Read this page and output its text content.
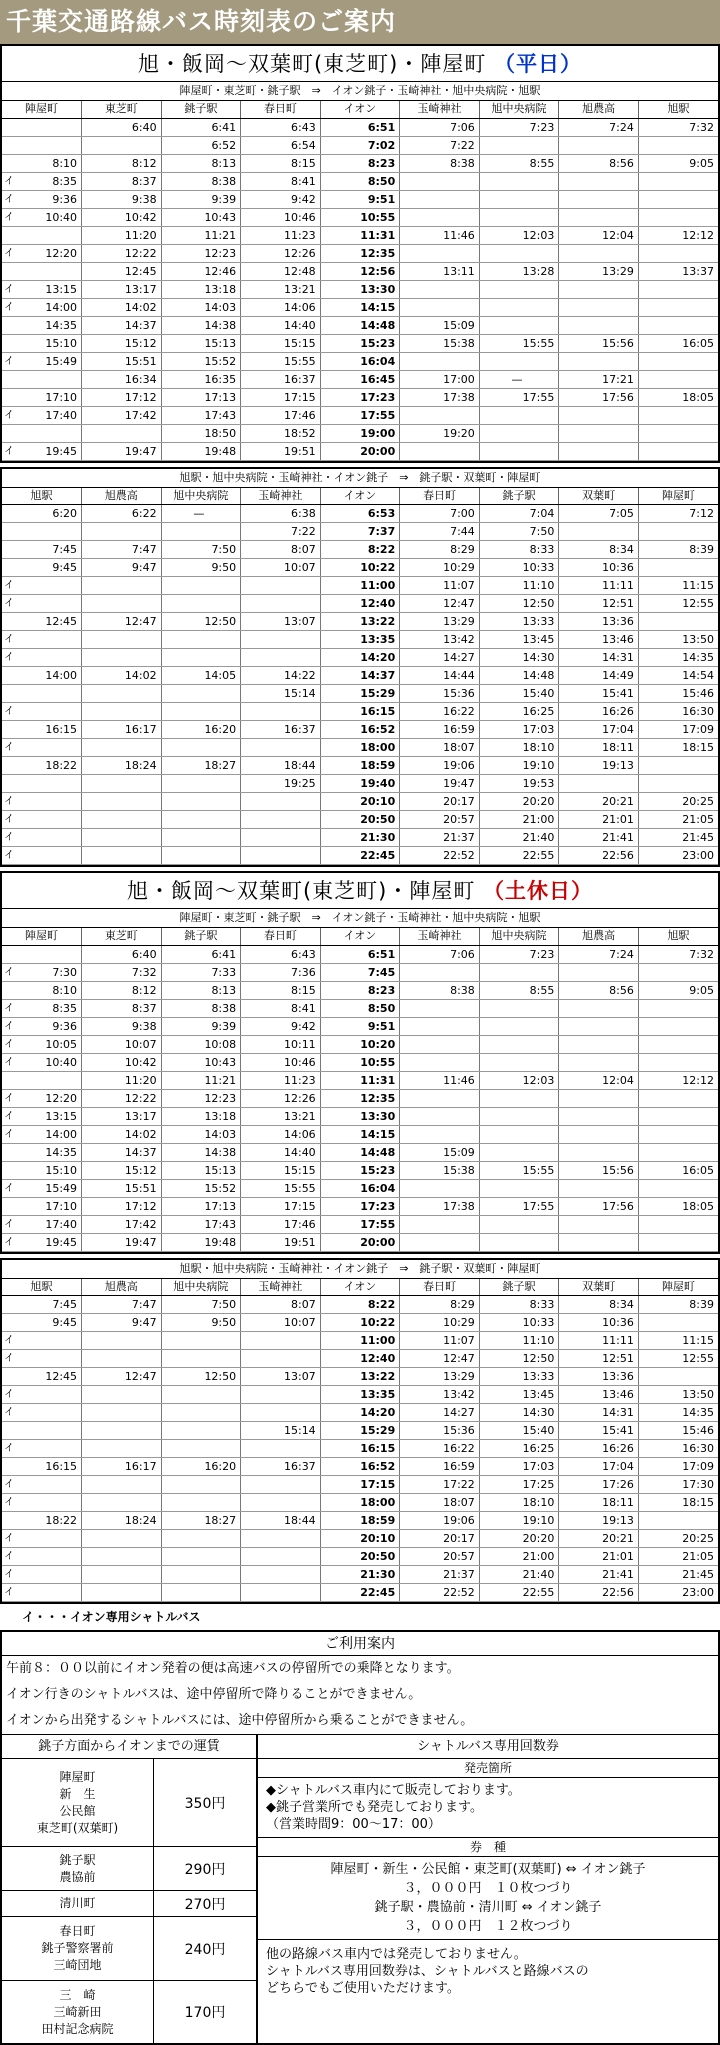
千葉交通路線バス時刻表のご案内
旭・飯岡〜双葉町(東芝町)・陣屋町 （平日）
陣屋町・東芝町・銚子駅　⇒　イオン銚子・玉崎神社・旭中央病院・旭駅
陣屋町	東芝町	銚子駅	春日町	イオン	玉崎神社	旭中央病院	旭農高	旭駅
	6:40	6:41	6:43	6:51	7:06	7:23	7:24	7:32
		6:52	6:54	7:02	7:22			
8:10	8:12	8:13	8:15	8:23	8:38	8:55	8:56	9:05

イ 8:35	8:37	8:38	8:41	8:50				

イ 9:36	9:38	9:39	9:42	9:51				

イ 10:40	10:42	10:43	10:46	10:55				
	11:20	11:21	11:23	11:31	11:46	12:03	12:04	12:12

イ 12:20	12:22	12:23	12:26	12:35				
	12:45	12:46	12:48	12:56	13:11	13:28	13:29	13:37

イ 13:15	13:17	13:18	13:21	13:30				

イ 14:00	14:02	14:03	14:06	14:15				
14:35	14:37	14:38	14:40	14:48	15:09			
15:10	15:12	15:13	15:15	15:23	15:38	15:55	15:56	16:05

イ 15:49	15:51	15:52	15:55	16:04				
	16:34	16:35	16:37	16:45	17:00	—	17:21	
17:10	17:12	17:13	17:15	17:23	17:38	17:55	17:56	18:05

イ 17:40	17:42	17:43	17:46	17:55				
		18:50	18:52	19:00	19:20			

イ 19:45	19:47	19:48	19:51	20:00				
旭駅・旭中央病院・玉崎神社・イオン銚子　⇒　銚子駅・双葉町・陣屋町
旭駅	旭農高	旭中央病院	玉崎神社	イオン	春日町	銚子駅	双葉町	陣屋町
6:20	6:22	—	6:38	6:53	7:00	7:04	7:05	7:12
			7:22	7:37	7:44	7:50		
7:45	7:47	7:50	8:07	8:22	8:29	8:33	8:34	8:39
9:45	9:47	9:50	10:07	10:22	10:29	10:33	10:36	

イ				11:00	11:07	11:10	11:11	11:15

イ				12:40	12:47	12:50	12:51	12:55
12:45	12:47	12:50	13:07	13:22	13:29	13:33	13:36	

イ				13:35	13:42	13:45	13:46	13:50

イ				14:20	14:27	14:30	14:31	14:35
14:00	14:02	14:05	14:22	14:37	14:44	14:48	14:49	14:54
			15:14	15:29	15:36	15:40	15:41	15:46

イ				16:15	16:22	16:25	16:26	16:30
16:15	16:17	16:20	16:37	16:52	16:59	17:03	17:04	17:09

イ				18:00	18:07	18:10	18:11	18:15
18:22	18:24	18:27	18:44	18:59	19:06	19:10	19:13	
			19:25	19:40	19:47	19:53		

イ				20:10	20:17	20:20	20:21	20:25

イ				20:50	20:57	21:00	21:01	21:05

イ				21:30	21:37	21:40	21:41	21:45

イ				22:45	22:52	22:55	22:56	23:00
旭・飯岡〜双葉町(東芝町)・陣屋町 （土休日）
陣屋町・東芝町・銚子駅　⇒　イオン銚子・玉崎神社・旭中央病院・旭駅
陣屋町	東芝町	銚子駅	春日町	イオン	玉崎神社	旭中央病院	旭農高	旭駅
	6:40	6:41	6:43	6:51	7:06	7:23	7:24	7:32

イ 7:30	7:32	7:33	7:36	7:45				
8:10	8:12	8:13	8:15	8:23	8:38	8:55	8:56	9:05

イ 8:35	8:37	8:38	8:41	8:50				

イ 9:36	9:38	9:39	9:42	9:51				

イ 10:05	10:07	10:08	10:11	10:20				

イ 10:40	10:42	10:43	10:46	10:55				
	11:20	11:21	11:23	11:31	11:46	12:03	12:04	12:12

イ 12:20	12:22	12:23	12:26	12:35				

イ 13:15	13:17	13:18	13:21	13:30				

イ 14:00	14:02	14:03	14:06	14:15				
14:35	14:37	14:38	14:40	14:48	15:09			
15:10	15:12	15:13	15:15	15:23	15:38	15:55	15:56	16:05

イ 15:49	15:51	15:52	15:55	16:04				
17:10	17:12	17:13	17:15	17:23	17:38	17:55	17:56	18:05

イ 17:40	17:42	17:43	17:46	17:55				

イ 19:45	19:47	19:48	19:51	20:00				
旭駅・旭中央病院・玉崎神社・イオン銚子　⇒　銚子駅・双葉町・陣屋町
旭駅	旭農高	旭中央病院	玉崎神社	イオン	春日町	銚子駅	双葉町	陣屋町
7:45	7:47	7:50	8:07	8:22	8:29	8:33	8:34	8:39
9:45	9:47	9:50	10:07	10:22	10:29	10:33	10:36	

イ				11:00	11:07	11:10	11:11	11:15

イ				12:40	12:47	12:50	12:51	12:55
12:45	12:47	12:50	13:07	13:22	13:29	13:33	13:36	

イ				13:35	13:42	13:45	13:46	13:50

イ				14:20	14:27	14:30	14:31	14:35
			15:14	15:29	15:36	15:40	15:41	15:46

イ				16:15	16:22	16:25	16:26	16:30
16:15	16:17	16:20	16:37	16:52	16:59	17:03	17:04	17:09

イ				17:15	17:22	17:25	17:26	17:30

イ				18:00	18:07	18:10	18:11	18:15
18:22	18:24	18:27	18:44	18:59	19:06	19:10	19:13	

イ				20:10	20:17	20:20	20:21	20:25

イ				20:50	20:57	21:00	21:01	21:05

イ				21:30	21:37	21:40	21:41	21:45

イ				22:45	22:52	22:55	22:56	23:00
イ・・・イオン専用シャトルバス
ご利用案内
午前８：００以前にイオン発着の便は高速バスの停留所での乗降となります。
イオン行きのシャトルバスは、途中停留所で降りることができません。
イオンから出発するシャトルバスには、途中停留所から乗ることができません。
銚子方面からイオンまでの運賃
陣屋町
新　生
公民館
東芝町(双葉町)
350円
銚子駅
農協前	290円
清川町	270円
春日町
銚子警察署前
三崎団地
240円
三　崎
三崎新田
田村記念病院
170円
シャトルバス専用回数券
発売箇所
◆シャトルバス車内にて販売しております。
◆銚子営業所でも発売しております。
（営業時間9：00〜17：00）
券　種
陣屋町・新生・公民館・東芝町(双葉町) ⇔ イオン銚子
３，０００円　１０枚つづり
銚子駅・農協前・清川町 ⇔ イオン銚子
３，０００円　１２枚つづり
他の路線バス車内では発売しておりません。
シャトルバス専用回数券は、シャトルバスと路線バスの
どちらでもご使用いただけます。
